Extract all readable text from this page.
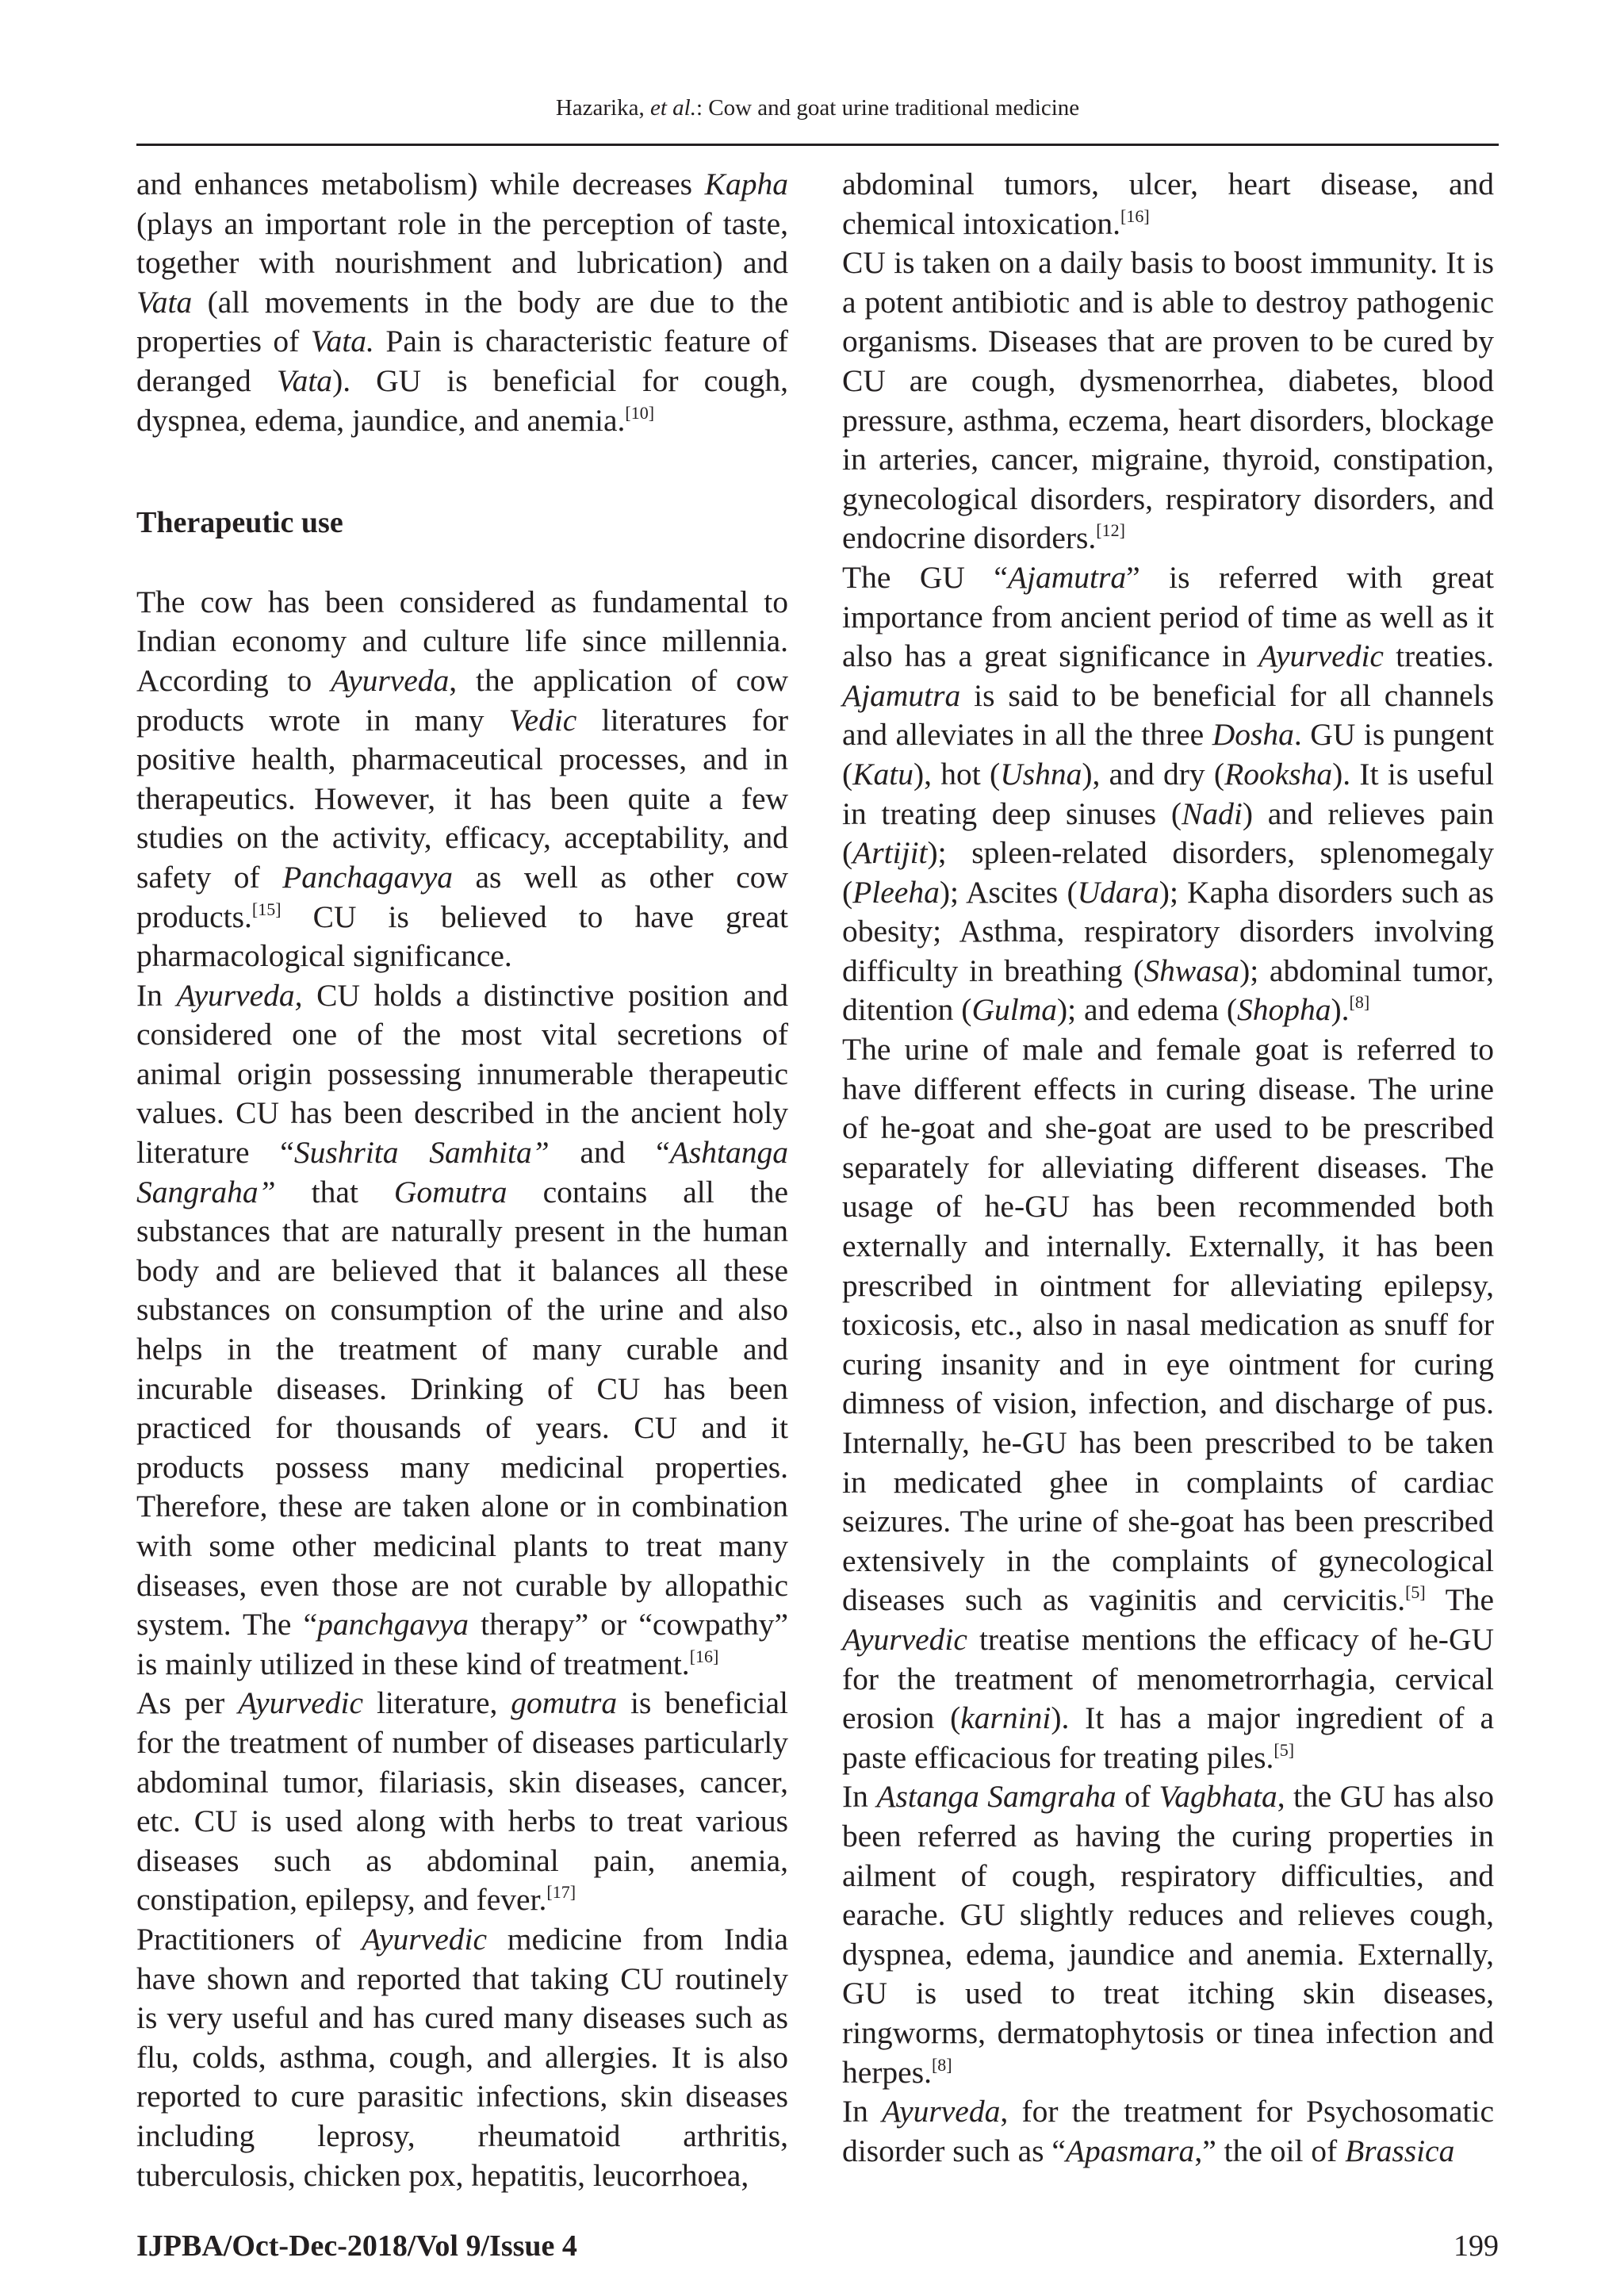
Hazarika, et al.: Cow and goat urine traditional medicine

and enhances metabolism) while decreases Kapha (plays an important role in the perception of taste, together with nourishment and lubrication) and Vata (all movements in the body are due to the properties of Vata. Pain is characteristic feature of deranged Vata). GU is beneficial for cough, dyspnea, edema, jaundice, and anemia.[10]

Therapeutic use

The cow has been considered as fundamental to Indian economy and culture life since millennia. According to Ayurveda, the application of cow products wrote in many Vedic literatures for positive health, pharmaceutical processes, and in therapeutics. However, it has been quite a few studies on the activity, efficacy, acceptability, and safety of Panchagavya as well as other cow products.[15] CU is believed to have great pharmacological significance.

In Ayurveda, CU holds a distinctive position and considered one of the most vital secretions of animal origin possessing innumerable therapeutic values. CU has been described in the ancient holy literature “Sushrita Samhita” and “Ashtanga Sangraha” that Gomutra contains all the substances that are naturally present in the human body and are believed that it balances all these substances on consumption of the urine and also helps in the treatment of many curable and incurable diseases. Drinking of CU has been practiced for thousands of years. CU and it products possess many medicinal properties. Therefore, these are taken alone or in combination with some other medicinal plants to treat many diseases, even those are not curable by allopathic system. The “panchgavya therapy” or “cowpathy” is mainly utilized in these kind of treatment.[16]

As per Ayurvedic literature, gomutra is beneficial for the treatment of number of diseases particularly abdominal tumor, filariasis, skin diseases, cancer, etc. CU is used along with herbs to treat various diseases such as abdominal pain, anemia, constipation, epilepsy, and fever.[17]

Practitioners of Ayurvedic medicine from India have shown and reported that taking CU routinely is very useful and has cured many diseases such as flu, colds, asthma, cough, and allergies. It is also reported to cure parasitic infections, skin diseases including leprosy, rheumatoid arthritis, tuberculosis, chicken pox, hepatitis, leucorrhoea,

abdominal tumors, ulcer, heart disease, and chemical intoxication.[16]

CU is taken on a daily basis to boost immunity. It is a potent antibiotic and is able to destroy pathogenic organisms. Diseases that are proven to be cured by CU are cough, dysmenorrhea, diabetes, blood pressure, asthma, eczema, heart disorders, blockage in arteries, cancer, migraine, thyroid, constipation, gynecological disorders, respiratory disorders, and endocrine disorders.[12]

The GU “Ajamutra” is referred with great importance from ancient period of time as well as it also has a great significance in Ayurvedic treaties. Ajamutra is said to be beneficial for all channels and alleviates in all the three Dosha. GU is pungent (Katu), hot (Ushna), and dry (Rooksha). It is useful in treating deep sinuses (Nadi) and relieves pain (Artijit); spleen-related disorders, splenomegaly (Pleeha); Ascites (Udara); Kapha disorders such as obesity; Asthma, respiratory disorders involving difficulty in breathing (Shwasa); abdominal tumor, ditention (Gulma); and edema (Shopha).[8]

The urine of male and female goat is referred to have different effects in curing disease. The urine of he-goat and she-goat are used to be prescribed separately for alleviating different diseases. The usage of he-GU has been recommended both externally and internally. Externally, it has been prescribed in ointment for alleviating epilepsy, toxicosis, etc., also in nasal medication as snuff for curing insanity and in eye ointment for curing dimness of vision, infection, and discharge of pus. Internally, he-GU has been prescribed to be taken in medicated ghee in complaints of cardiac seizures. The urine of she-goat has been prescribed extensively in the complaints of gynecological diseases such as vaginitis and cervicitis.[5] The Ayurvedic treatise mentions the efficacy of he-GU for the treatment of menometrorrhagia, cervical erosion (karnini). It has a major ingredient of a paste efficacious for treating piles.[5]

In Astanga Samgraha of Vagbhata, the GU has also been referred as having the curing properties in ailment of cough, respiratory difficulties, and earache. GU slightly reduces and relieves cough, dyspnea, edema, jaundice and anemia. Externally, GU is used to treat itching skin diseases, ringworms, dermatophytosis or tinea infection and herpes.[8]

In Ayurveda, for the treatment for Psychosomatic disorder such as “Apasmara,” the oil of Brassica

IJPBA/Oct-Dec-2018/Vol 9/Issue 4	199
